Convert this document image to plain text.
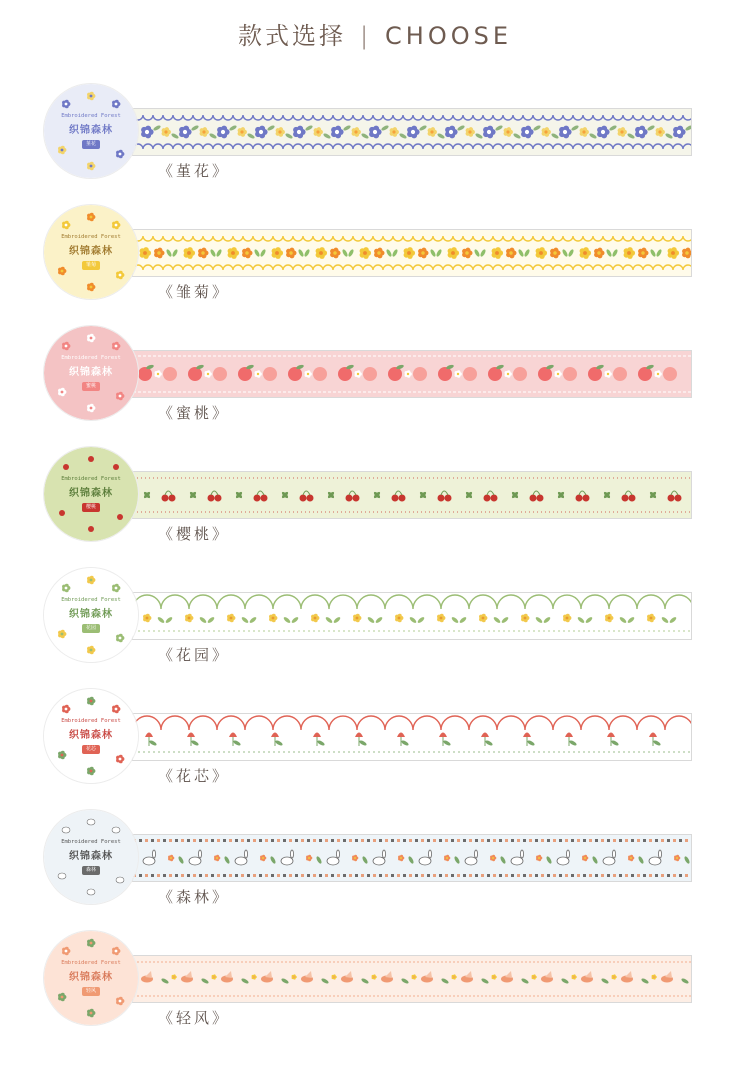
款式选择 | CHOOSE
Embroidered Forest
织锦森林
堇花
《堇花》
Embroidered Forest
织锦森林
雏菊
《雏菊》
Embroidered Forest
织锦森林
蜜桃
《蜜桃》
Embroidered Forest
织锦森林
樱桃
《樱桃》
Embroidered Forest
织锦森林
花园
《花园》
Embroidered Forest
织锦森林
花芯
《花芯》
Embroidered Forest
织锦森林
森林
《森林》
Embroidered Forest
织锦森林
轻风
《轻风》
